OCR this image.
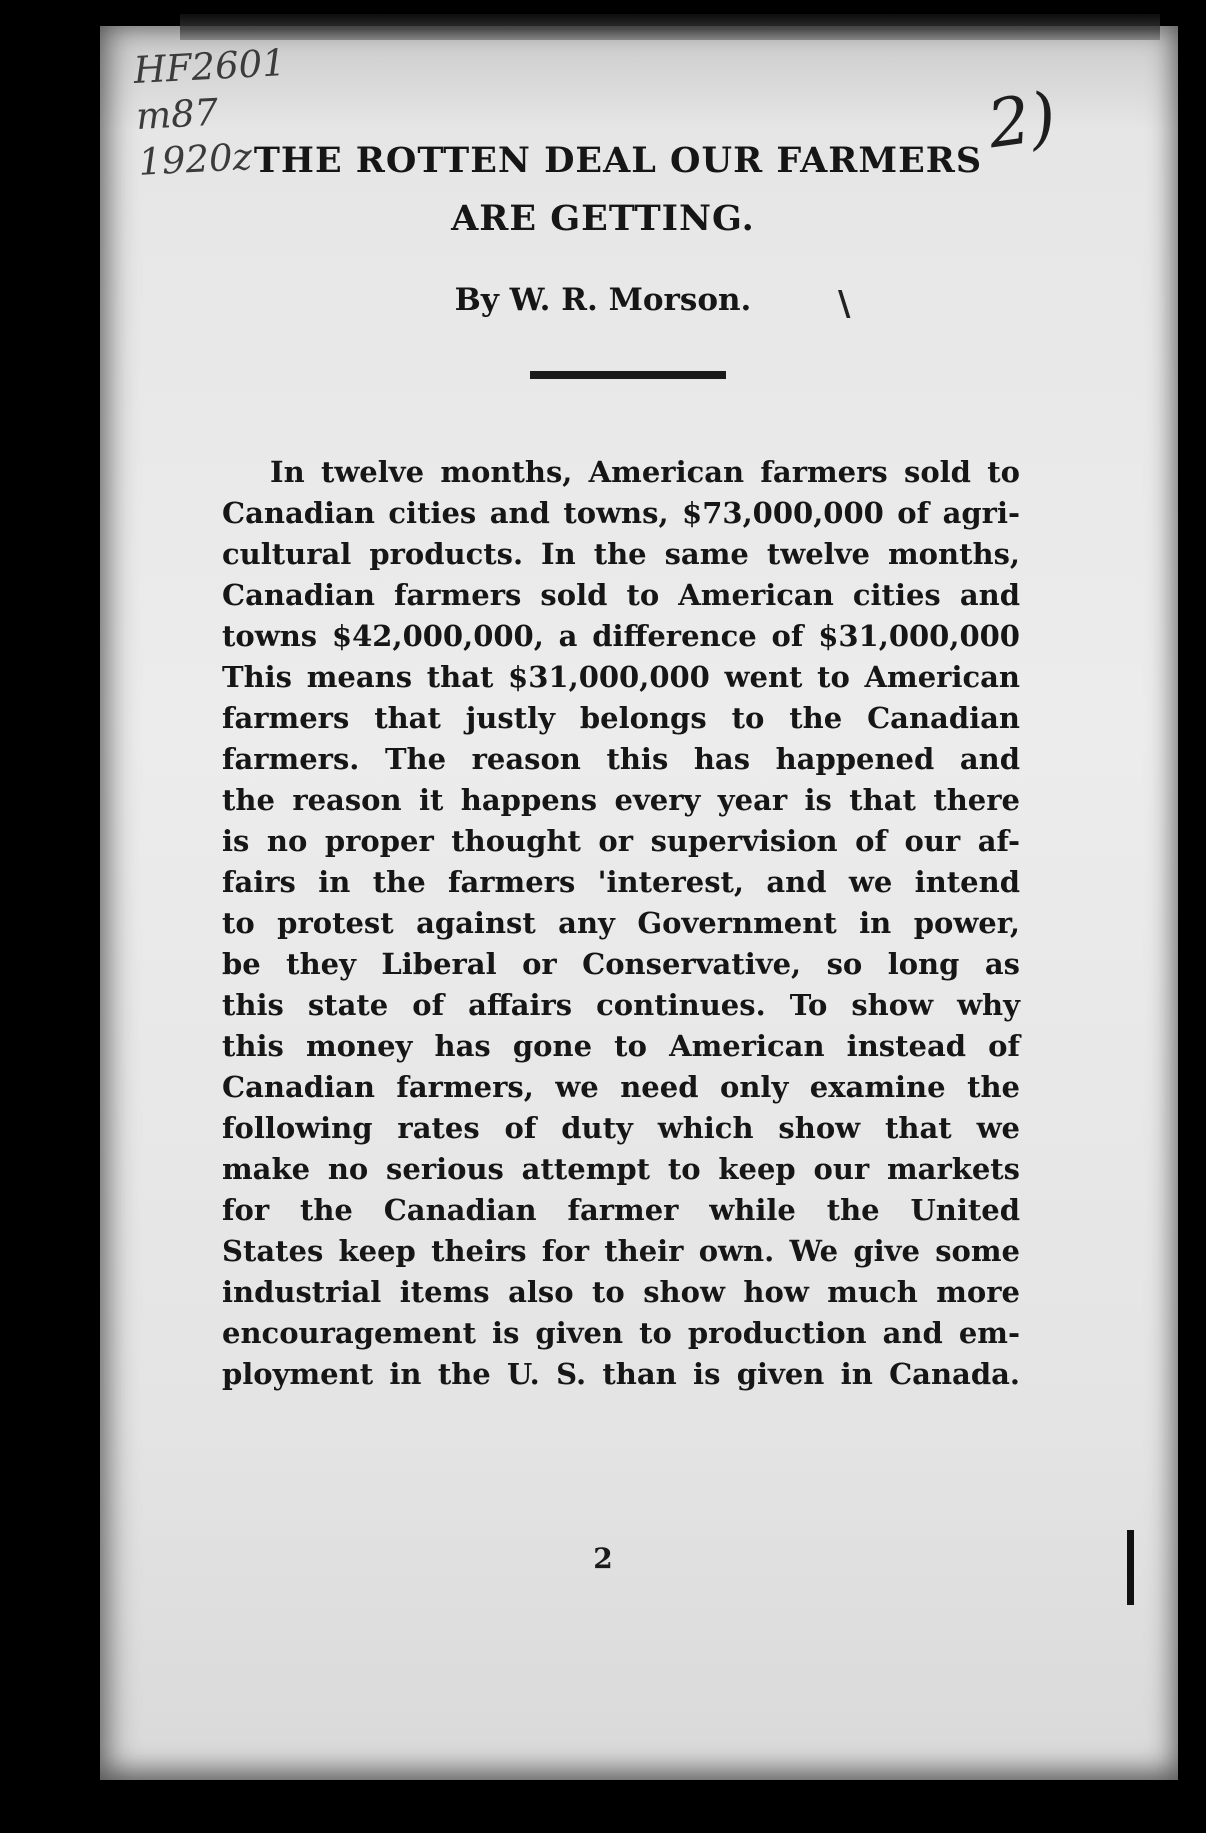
HF2601
m87
1920z	2)
THE ROTTEN DEAL OUR FARMERS
ARE GETTING.
By W. R. Morson.	\
In twelve months, American farmers sold to
Canadian cities and towns, $73,000,000 of agri-
cultural products. In the same twelve months,
Canadian farmers sold to American cities and
towns $42,000,000, a difference of $31,000,000
This means that $31,000,000 went to American
farmers that justly belongs to the Canadian
farmers. The reason this has happened and
the reason it happens every year is that there
is no proper thought or supervision of our af-
fairs in the farmers 'interest, and we intend
to protest against any Government in power,
be they Liberal or Conservative, so long as
this state of affairs continues. To show why
this money has gone to American instead of
Canadian farmers, we need only examine the
following rates of duty which show that we
make no serious attempt to keep our markets
for the Canadian farmer while the United
States keep theirs for their own. We give some
industrial items also to show how much more
encouragement is given to production and em-
ployment in the U. S. than is given in Canada.
2
